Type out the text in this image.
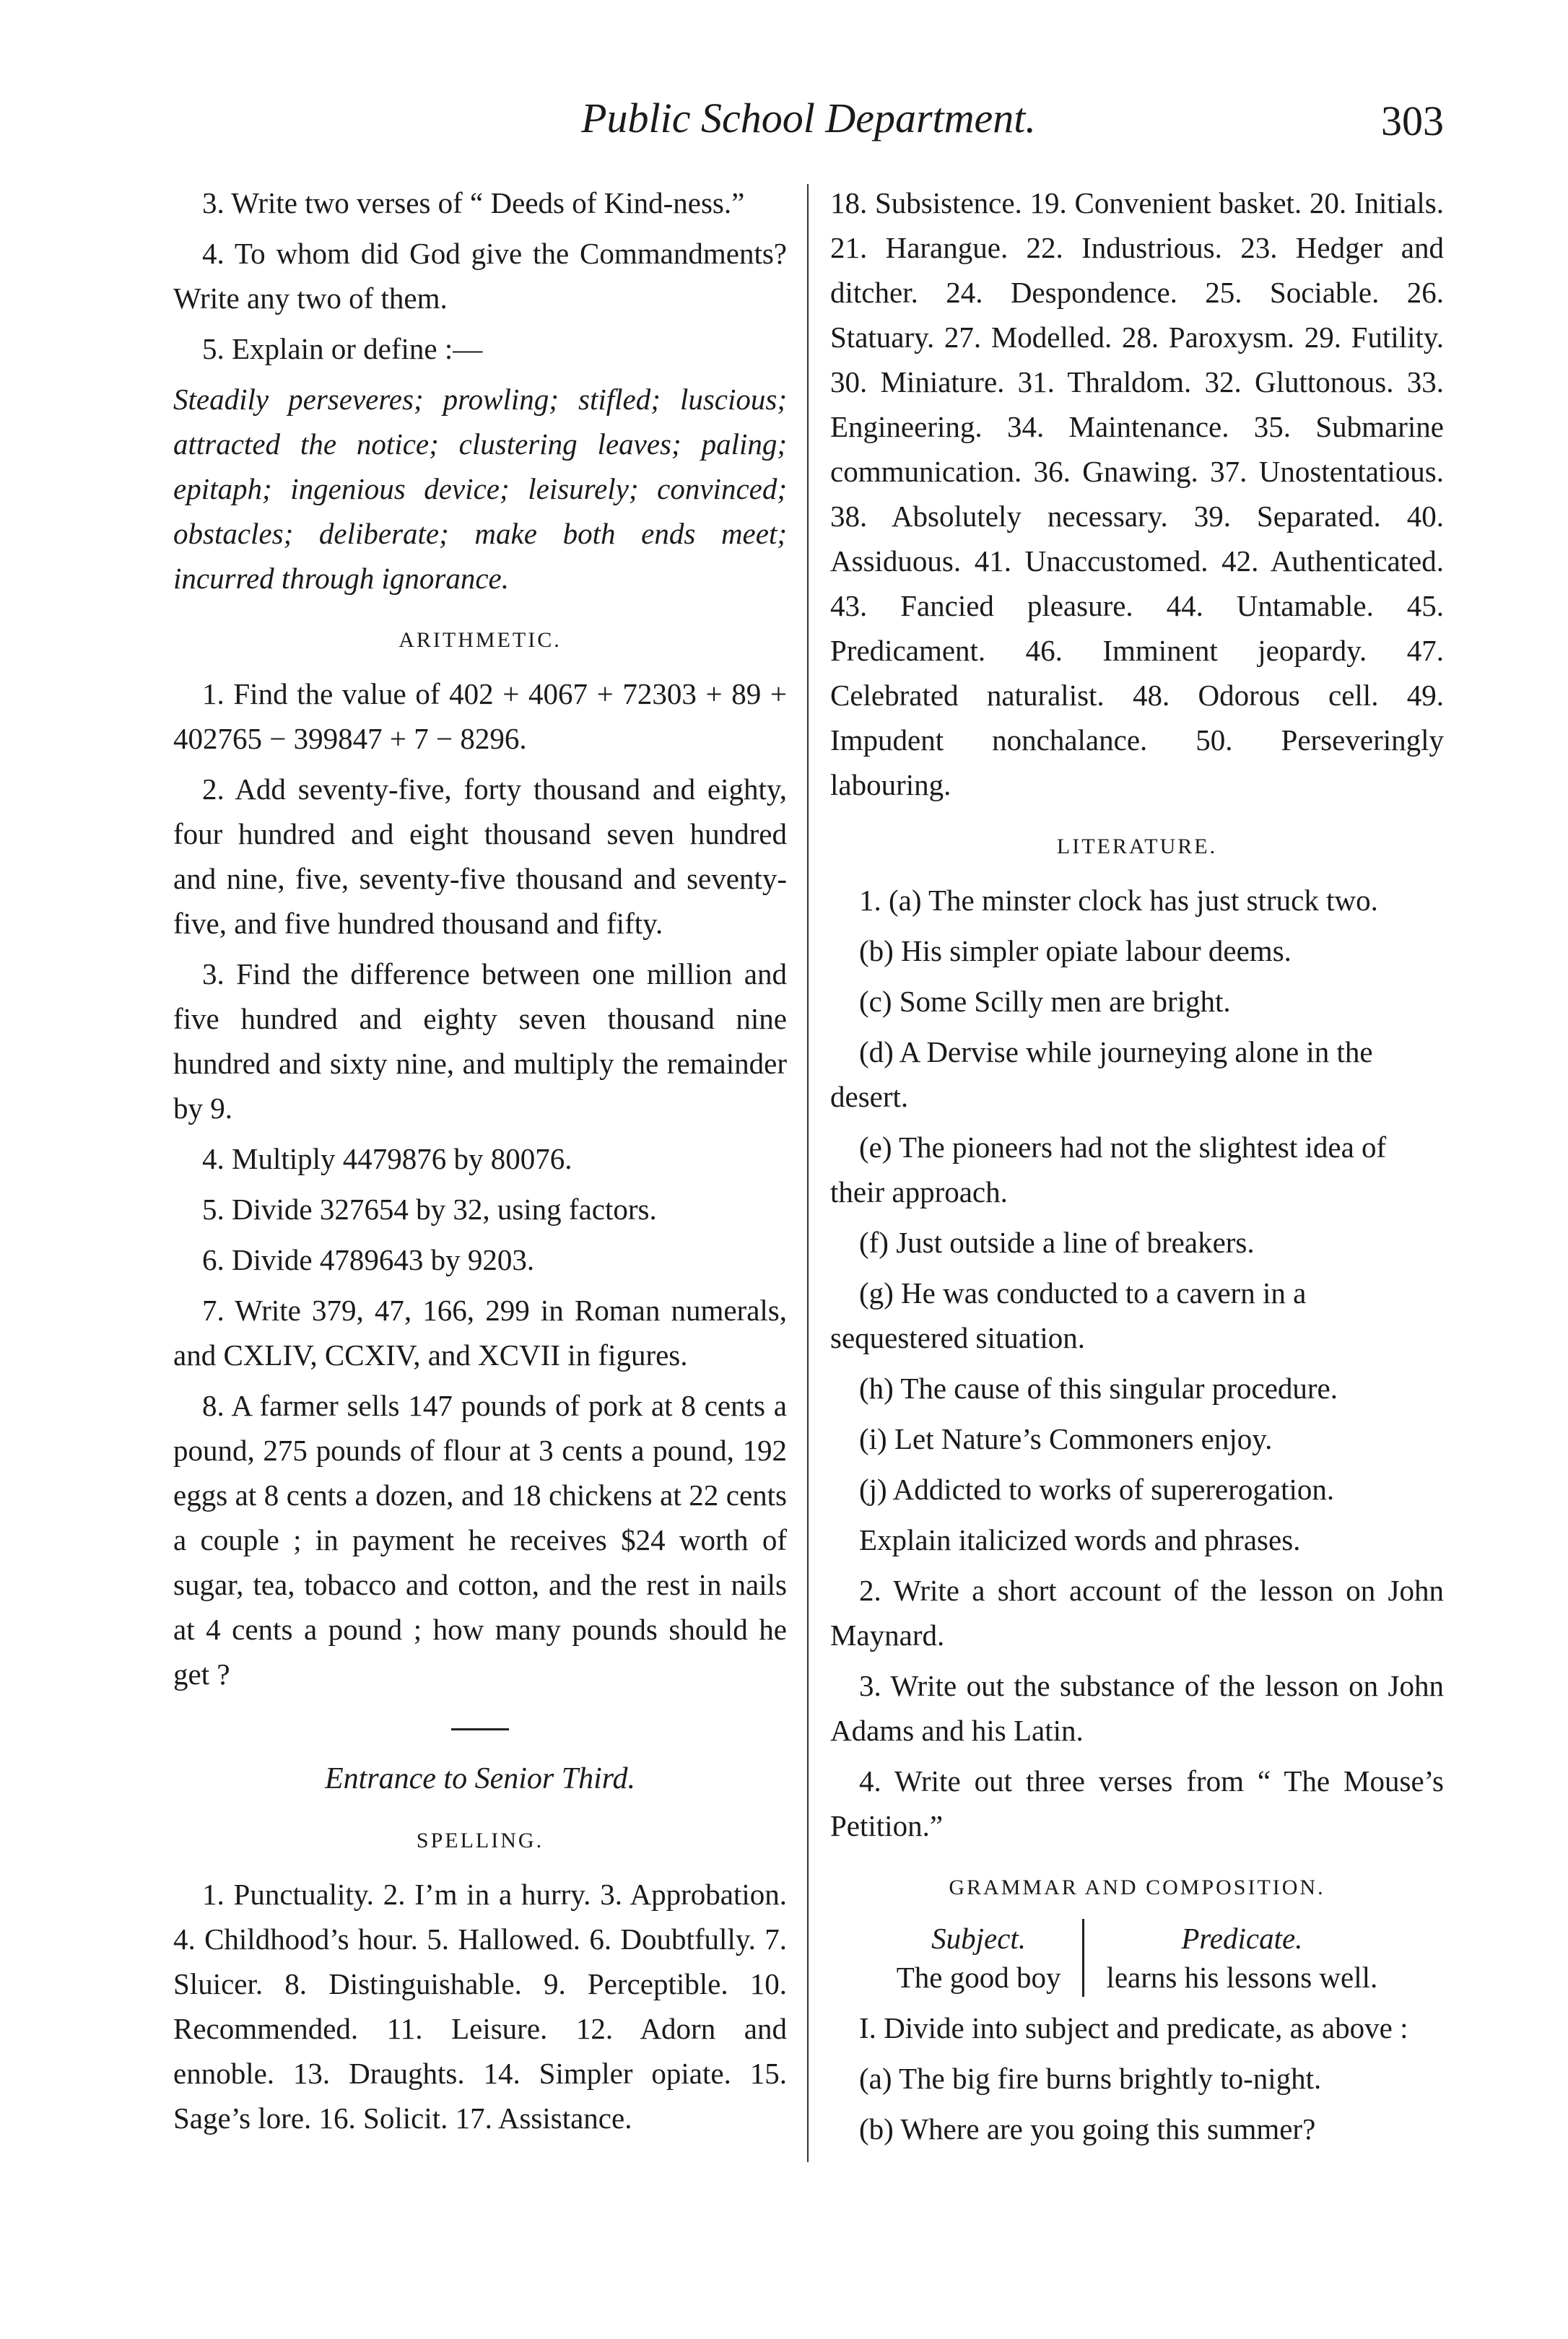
Public School Department.	303

3. Write two verses of “ Deeds of Kind-ness.”

4. To whom did God give the Commandments? Write any two of them.

5. Explain or define :—

Steadily perseveres; prowling; stifled; luscious; attracted the notice; clustering leaves; paling; epitaph; ingenious device; leisurely; convinced; obstacles; deliberate; make both ends meet; incurred through ignorance.

ARITHMETIC.

1. Find the value of 402 + 4067 + 72303 + 89 + 402765 − 399847 + 7 − 8296.

2. Add seventy-five, forty thousand and eighty, four hundred and eight thousand seven hundred and nine, five, seventy-five thousand and seventy-five, and five hundred thousand and fifty.

3. Find the difference between one million and five hundred and eighty seven thousand nine hundred and sixty nine, and multiply the remainder by 9.

4. Multiply 4479876 by 80076.

5. Divide 327654 by 32, using factors.

6. Divide 4789643 by 9203.

7. Write 379, 47, 166, 299 in Roman numerals, and CXLIV, CCXIV, and XCVII in figures.

8. A farmer sells 147 pounds of pork at 8 cents a pound, 275 pounds of flour at 3 cents a pound, 192 eggs at 8 cents a dozen, and 18 chickens at 22 cents a couple ; in payment he receives $24 worth of sugar, tea, tobacco and cotton, and the rest in nails at 4 cents a pound ; how many pounds should he get ?

Entrance to Senior Third.
SPELLING.

1. Punctuality. 2. I’m in a hurry. 3. Approbation. 4. Childhood’s hour. 5. Hallowed. 6. Doubtfully. 7. Sluicer. 8. Distinguishable. 9. Perceptible. 10. Recommended. 11. Leisure. 12. Adorn and ennoble. 13. Draughts. 14. Simpler opiate. 15. Sage’s lore. 16. Solicit. 17. Assistance.

18. Subsistence. 19. Convenient basket. 20. Initials. 21. Harangue. 22. Industrious. 23. Hedger and ditcher. 24. Despondence. 25. Sociable. 26. Statuary. 27. Modelled. 28. Paroxysm. 29. Futility. 30. Miniature. 31. Thraldom. 32. Gluttonous. 33. Engineering. 34. Maintenance. 35. Submarine communication. 36. Gnawing. 37. Unostentatious. 38. Absolutely necessary. 39. Separated. 40. Assiduous. 41. Unaccustomed. 42. Authenticated. 43. Fancied pleasure. 44. Untamable. 45. Predicament. 46. Imminent jeopardy. 47. Celebrated naturalist. 48. Odorous cell. 49. Impudent nonchalance. 50. Perseveringly labouring.

LITERATURE.

1. (a) The minster clock has just struck two.

(b) His simpler opiate labour deems.

(c) Some Scilly men are bright.

(d) A Dervise while journeying alone in the desert.

(e) The pioneers had not the slightest idea of their approach.

(f) Just outside a line of breakers.

(g) He was conducted to a cavern in a sequestered situation.

(h) The cause of this singular procedure.

(i) Let Nature’s Commoners enjoy.

(j) Addicted to works of supererogation.

Explain italicized words and phrases.

2. Write a short account of the lesson on John Maynard.

3. Write out the substance of the lesson on John Adams and his Latin.

4. Write out three verses from “ The Mouse’s Petition.”

GRAMMAR AND COMPOSITION.
Subject.
The good boy
Predicate.
learns his lessons well.

I. Divide into subject and predicate, as above :

(a) The big fire burns brightly to-night.

(b) Where are you going this summer?
